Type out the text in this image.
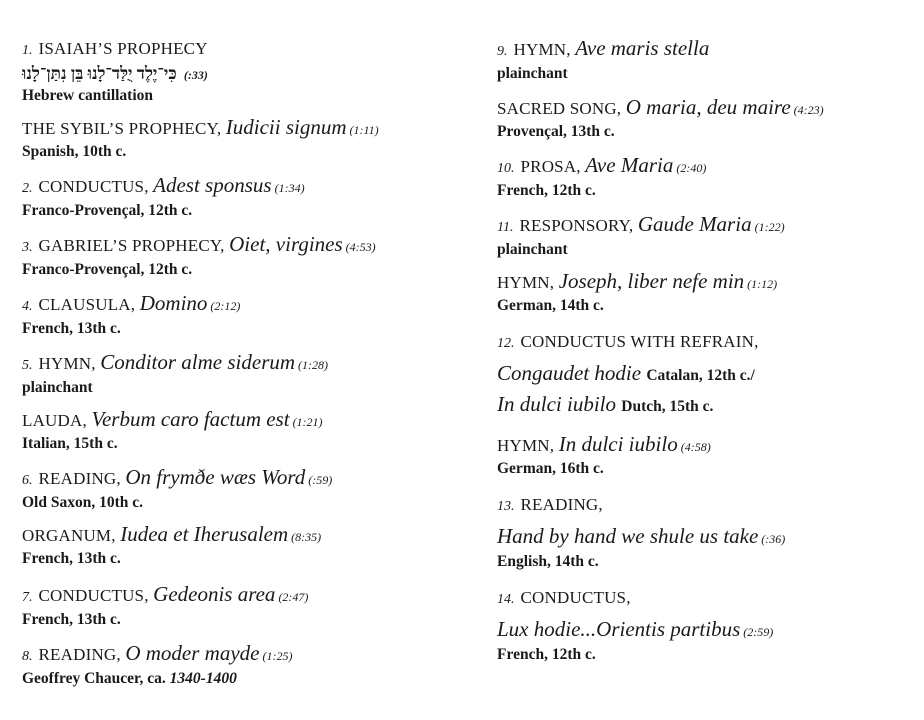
1. ISAIAH’S PROPHECY
כִּי־יֶלֶד יֻלַּד־לָנוּ בֵּן נִתַּן־לָנוּ (:33)
Hebrew cantillation
THE SYBIL’S PROPHECY, Iudicii signum (1:11)
Spanish, 10th c.
2. CONDUCTUS, Adest sponsus (1:34)
Franco-Provençal, 12th c.
3. GABRIEL’S PROPHECY, Oiet, virgines (4:53)
Franco-Provençal, 12th c.
4. CLAUSULA, Domino (2:12)
French, 13th c.
5. HYMN, Conditor alme siderum (1:28)
plainchant
LAUDA, Verbum caro factum est (1:21)
Italian, 15th c.
6. READING, On frymðe wæs Word (:59)
Old Saxon, 10th c.
ORGANUM, Iudea et Iherusalem (8:35)
French, 13th c.
7. CONDUCTUS, Gedeonis area (2:47)
French, 13th c.
8. READING, O moder mayde (1:25)
Geoffrey Chaucer, ca. 1340-1400
9. HYMN, Ave maris stella
plainchant
SACRED SONG, O maria, deu maire (4:23)
Provençal, 13th c.
10. PROSA, Ave Maria (2:40)
French, 12th c.
11. RESPONSORY, Gaude Maria (1:22)
plainchant
HYMN, Joseph, liber nefe min (1:12)
German, 14th c.
12. CONDUCTUS WITH REFRAIN,
Congaudet hodie Catalan, 12th c./
In dulci iubilo Dutch, 15th c.
HYMN, In dulci iubilo (4:58)
German, 16th c.
13. READING,
Hand by hand we shule us take (:36)
English, 14th c.
14. CONDUCTUS,
Lux hodie...Orientis partibus (2:59)
French, 12th c.
